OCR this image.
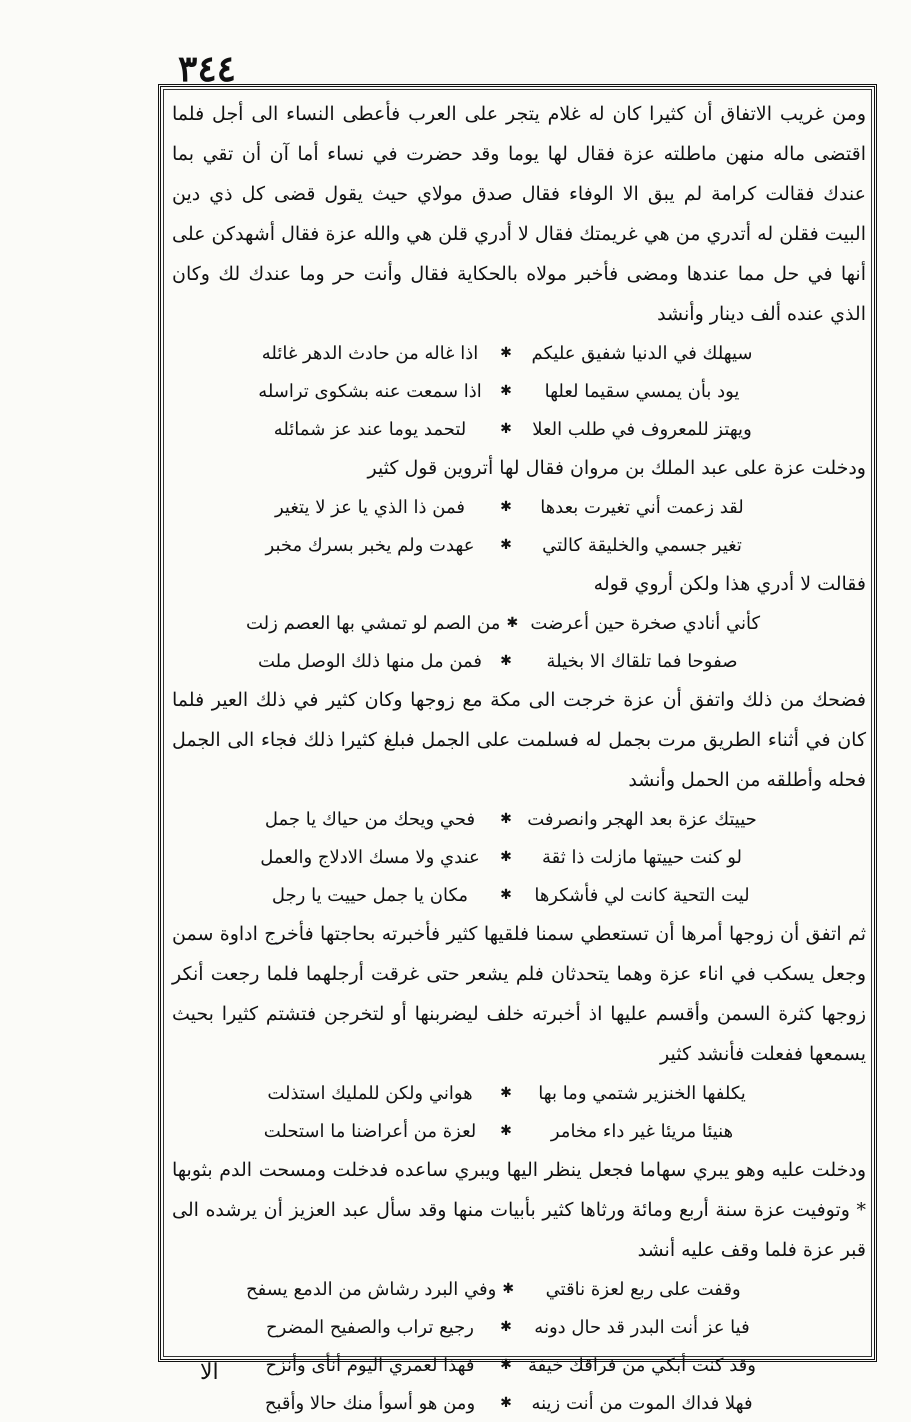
٣٤٤

ومن غريب الاتفاق أن كثيرا كان له غلام يتجر على العرب فأعطى النساء الى أجل فلما اقتضى ماله منهن ماطلته عزة فقال لها يوما وقد حضرت في نساء أما آن أن تقي بما عندك فقالت كرامة لم يبق الا الوفاء فقال صدق مولاي حيث يقول قضى كل ذي دين البيت فقلن له أتدري من هي غريمتك فقال لا أدري قلن هي والله عزة فقال أشهدكن على أنها في حل مما عندها ومضى فأخبر مولاه بالحكاية فقال وأنت حر وما عندك لك وكان الذي عنده ألف دينار وأنشد

سيهلك في الدنيا شفيق عليكم
✱
اذا غاله من حادث الدهر غائله
يود بأن يمسي سقيما لعلها
✱
اذا سمعت عنه بشكوى تراسله
ويهتز للمعروف في طلب العلا
✱
لتحمد يوما عند عز شمائله

ودخلت عزة على عبد الملك بن مروان فقال لها أتروين قول كثير

لقد زعمت أني تغيرت بعدها
✱
فمن ذا الذي يا عز لا يتغير
تغير جسمي والخليقة كالتي
✱
عهدت ولم يخبر بسرك مخبر

فقالت لا أدري هذا ولكن أروي قوله

كأني أنادي صخرة حين أعرضت
✱
من الصم لو تمشي بها العصم زلت
صفوحا فما تلقاك الا بخيلة
✱
فمن مل منها ذلك الوصل ملت

فضحك من ذلك واتفق أن عزة خرجت الى مكة مع زوجها وكان كثير في ذلك العير فلما كان في أثناء الطريق مرت بجمل له فسلمت على الجمل فبلغ كثيرا ذلك فجاء الى الجمل فحله وأطلقه من الحمل وأنشد

حييتك عزة بعد الهجر وانصرفت
✱
فحي ويحك من حياك يا جمل
لو كنت حييتها مازلت ذا ثقة
✱
عندي ولا مسك الادلاج والعمل
ليت التحية كانت لي فأشكرها
✱
مكان يا جمل حييت يا رجل

ثم اتفق أن زوجها أمرها أن تستعطي سمنا فلقيها كثير فأخبرته بحاجتها فأخرج اداوة سمن وجعل يسكب في اناء عزة وهما يتحدثان فلم يشعر حتى غرقت أرجلهما فلما رجعت أنكر زوجها كثرة السمن وأقسم عليها اذ أخبرته خلف ليضربنها أو لتخرجن فتشتم كثيرا بحيث يسمعها ففعلت فأنشد كثير

يكلفها الخنزير شتمي وما بها
✱
هواني ولكن للمليك استذلت
هنيئا مريئا غير داء مخامر
✱
لعزة من أعراضنا ما استحلت

ودخلت عليه وهو يبري سهاما فجعل ينظر اليها ويبري ساعده فدخلت ومسحت الدم بثوبها * وتوفيت عزة سنة أربع ومائة ورثاها كثير بأبيات منها وقد سأل عبد العزيز أن يرشده الى قبر عزة فلما وقف عليه أنشد

وقفت على ربع لعزة ناقتي
✱
وفي البرد رشاش من الدمع يسفح
فيا عز أنت البدر قد حال دونه
✱
رجيع تراب والصفيح المضرح
وقد كنت أبكي من فراقك خيفة
✱
فهذا لعمري اليوم أنأى وأنزح
فهلا فداك الموت من أنت زينه
✱
ومن هو أسوأ منك حالا وأقبح
الا
